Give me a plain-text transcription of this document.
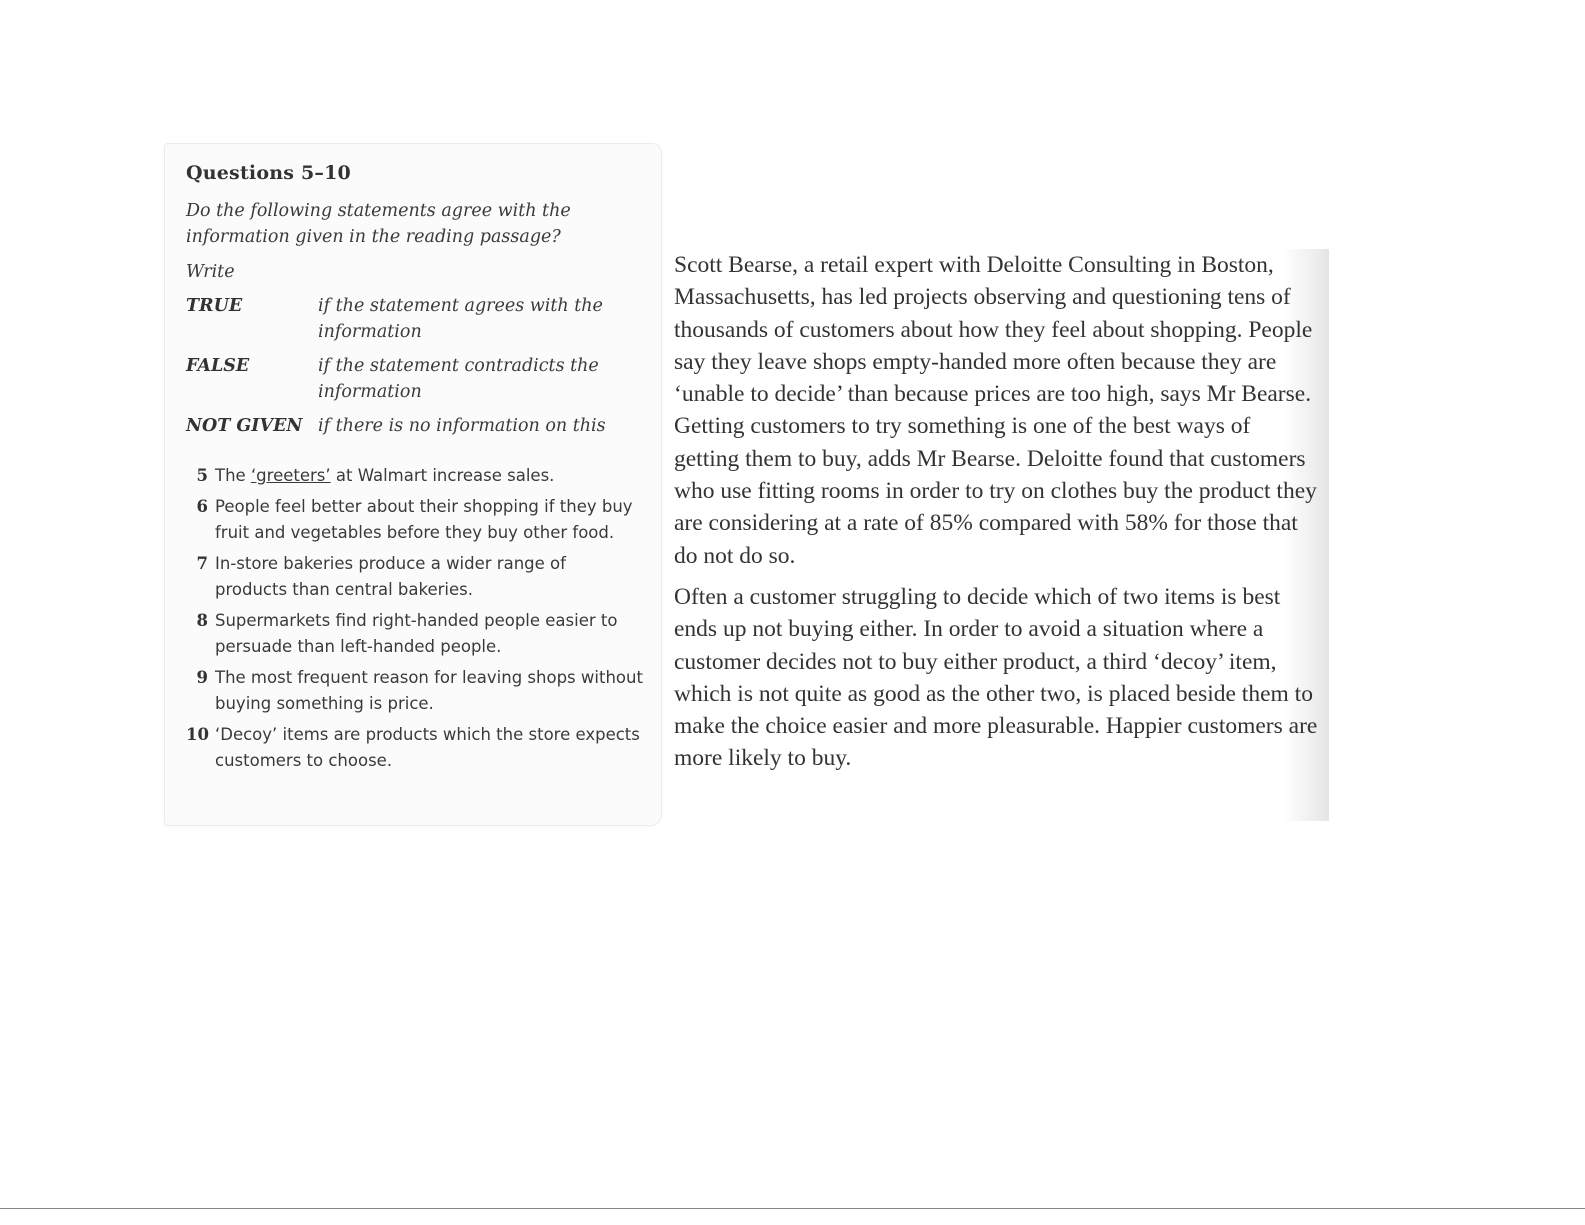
Questions 5–10
Do the following statements agree with the information given in the reading passage?
Write
TRUE	if the statement agrees with the information
FALSE	if the statement contradicts the information
NOT GIVEN if there is no information on this
5 The ‘greeters’ at Walmart increase sales.
6 People feel better about their shopping if they buy fruit and vegetables before they buy other food.
7 In-store bakeries produce a wider range of products than central bakeries.
8 Supermarkets find right-handed people easier to persuade than left-handed people.
9 The most frequent reason for leaving shops without buying something is price.
10 ‘Decoy’ items are products which the store expects customers to choose.

Scott Bearse, a retail expert with Deloitte Consulting in Boston, Massachusetts, has led projects observing and questioning tens of thousands of customers about how they feel about shopping. People say they leave shops empty-handed more often because they are ‘unable to decide’ than because prices are too high, says Mr Bearse. Getting customers to try something is one of the best ways of getting them to buy, adds Mr Bearse. Deloitte found that customers who use fitting rooms in order to try on clothes buy the product they are considering at a rate of 85% compared with 58% for those that do not do so.

Often a customer struggling to decide which of two items is best ends up not buying either. In order to avoid a situation where a customer decides not to buy either product, a third ‘decoy’ item, which is not quite as good as the other two, is placed beside them to make the choice easier and more pleasurable. Happier customers are more likely to buy.
